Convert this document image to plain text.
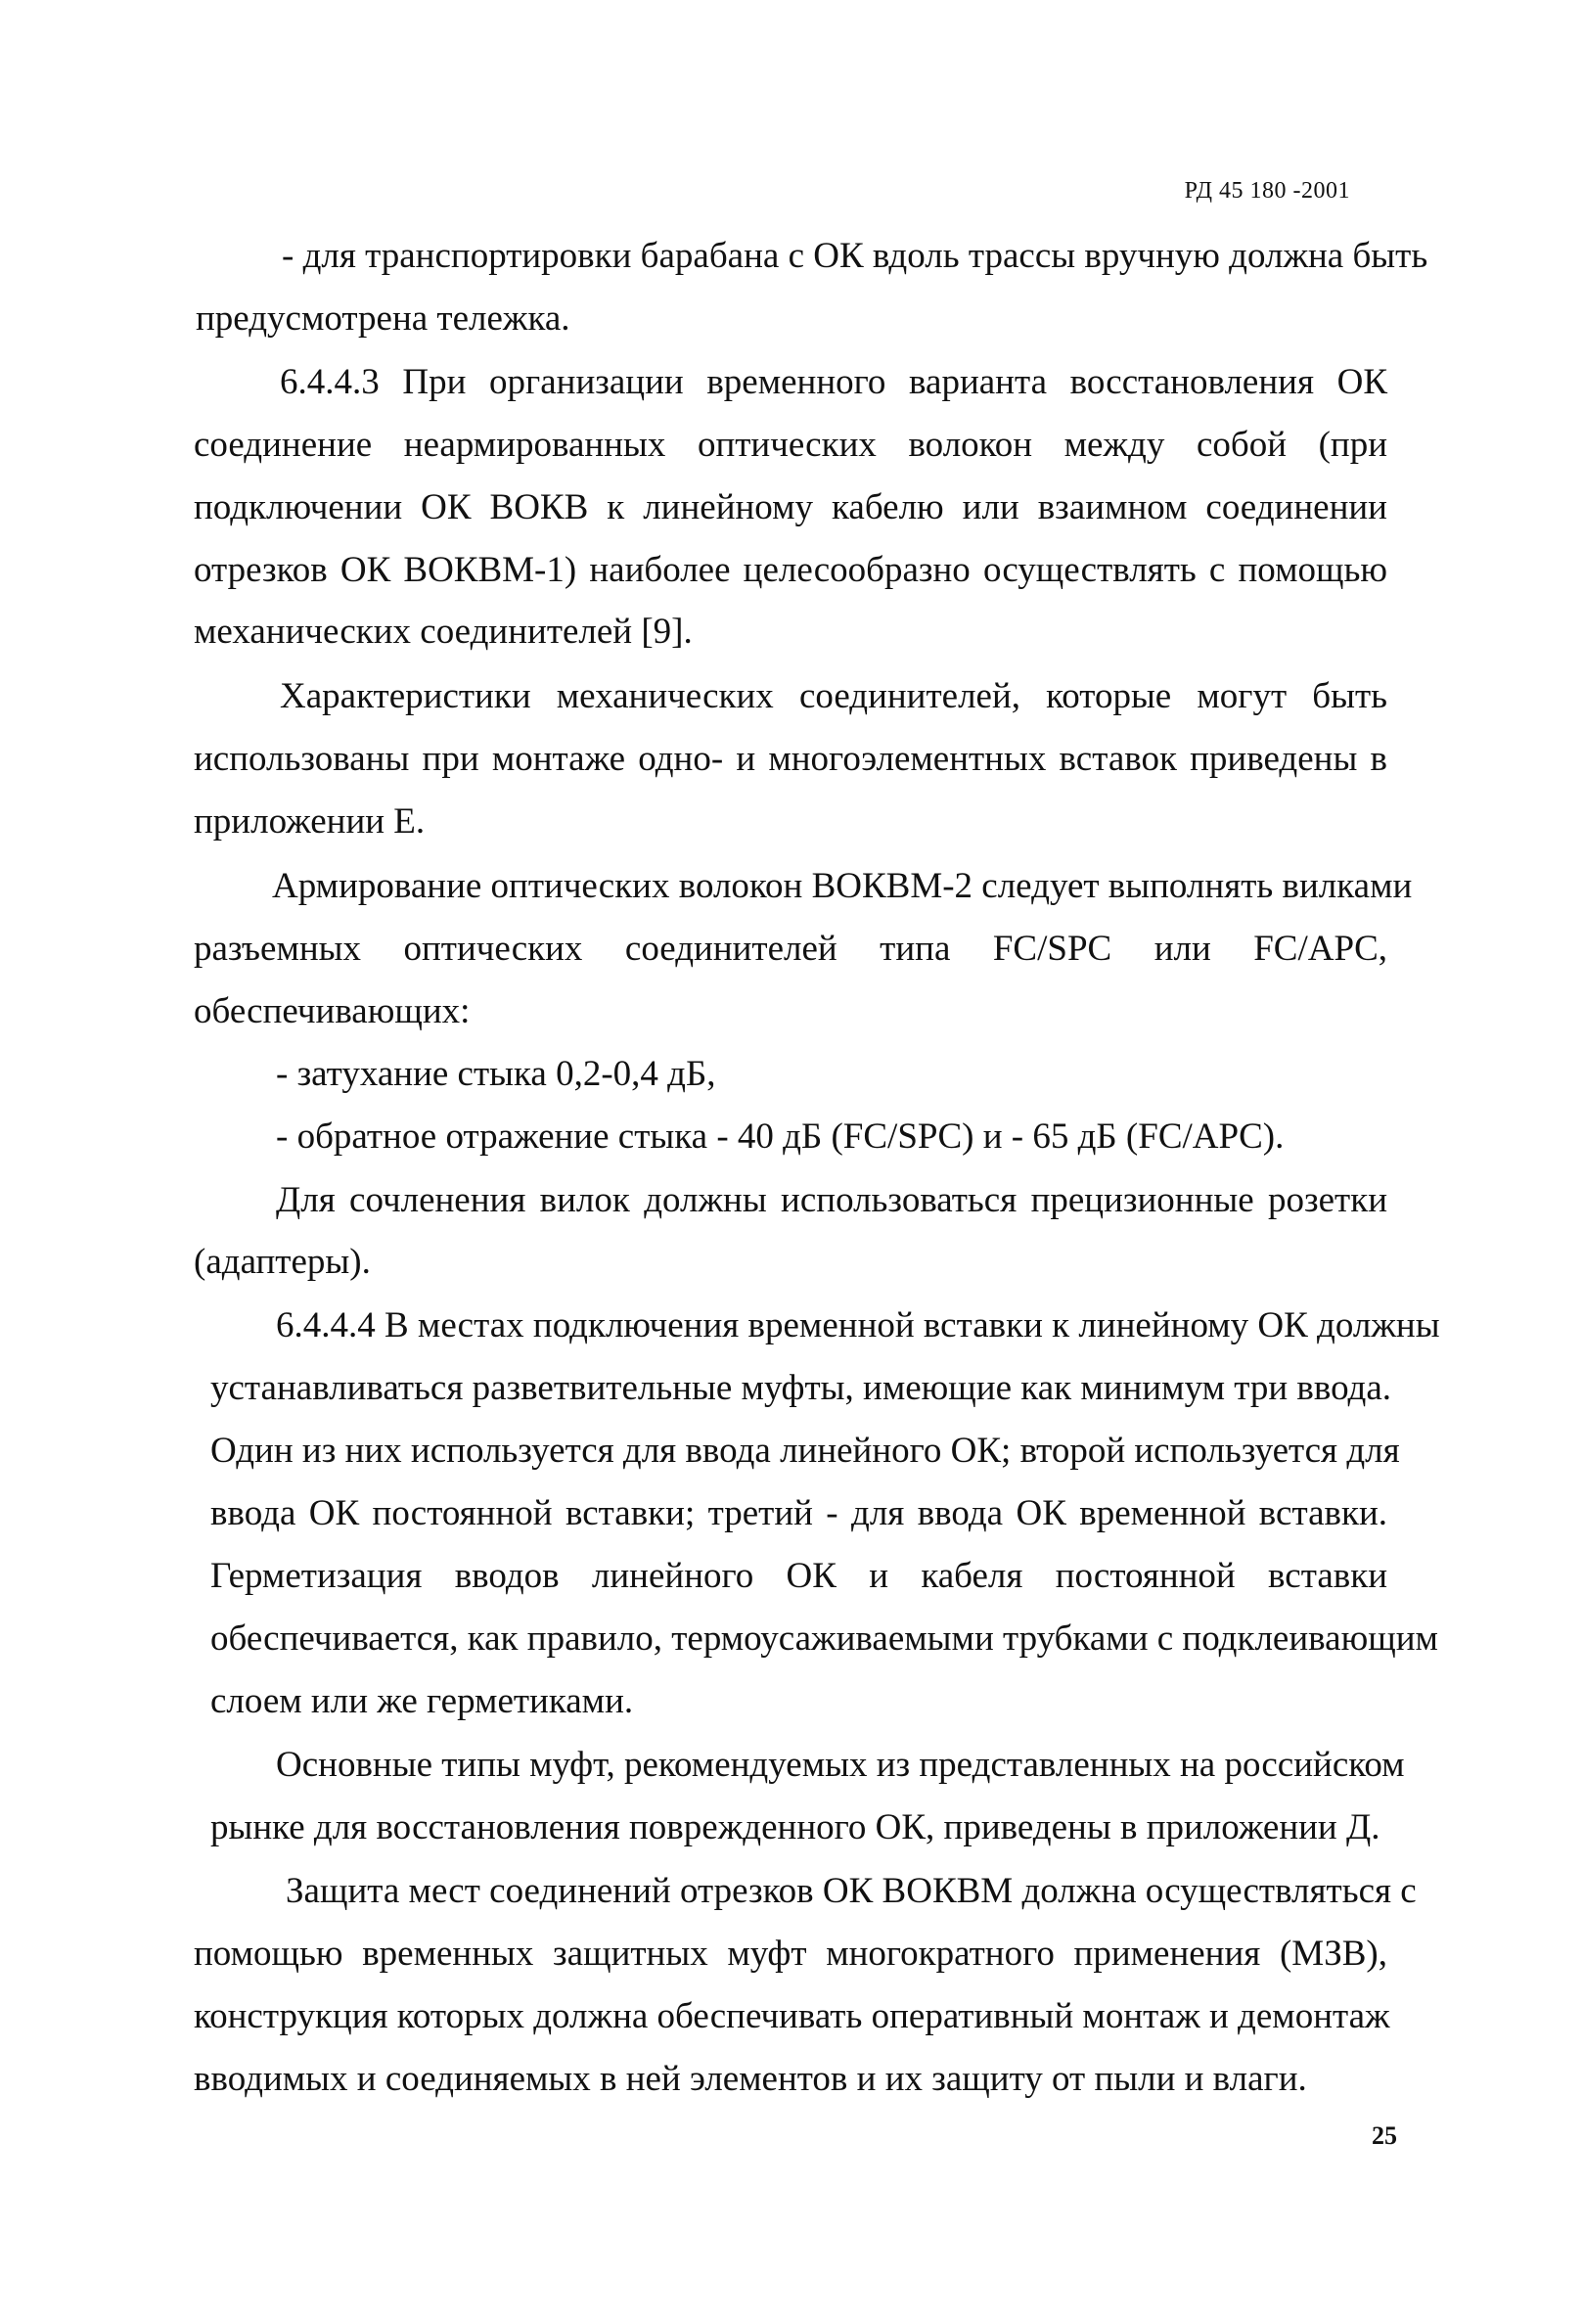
РД 45 180 -2001
- для транспортировки барабана с ОК вдоль трассы вручную должна быть
предусмотрена тележка.
6.4.4.3 При организации временного варианта восстановления ОК
соединение неармированных оптических волокон между собой (при
подключении ОК ВОКВ к линейному кабелю или взаимном соединении
отрезков ОК ВОКВМ-1) наиболее целесообразно осуществлять с помощью
механических соединителей [9].
Характеристики механических соединителей, которые могут быть
использованы при монтаже одно- и многоэлементных вставок приведены в
приложении Е.
Армирование оптических волокон ВОКВМ-2 следует выполнять вилками
разъемных оптических соединителей типа FC/SPC или FC/APC,
обеспечивающих:
- затухание стыка 0,2-0,4 дБ,
- обратное отражение стыка - 40 дБ (FC/SPC) и - 65 дБ (FC/APC).
Для сочленения вилок должны использоваться прецизионные розетки
(адаптеры).
6.4.4.4 В местах подключения временной вставки к линейному ОК должны
устанавливаться разветвительные муфты, имеющие как минимум три ввода.
Один из них используется для ввода линейного ОК; второй используется для
ввода ОК постоянной вставки; третий - для ввода ОК временной вставки.
Герметизация вводов линейного ОК и кабеля постоянной вставки
обеспечивается, как правило, термоусаживаемыми трубками с подклеивающим
слоем или же герметиками.
Основные типы муфт, рекомендуемых из представленных на российском
рынке для восстановления поврежденного ОК, приведены в приложении Д.
Защита мест соединений отрезков ОК ВОКВМ должна осуществляться с
помощью временных защитных муфт многократного применения (МЗВ),
конструкция которых должна обеспечивать оперативный монтаж и демонтаж
вводимых и соединяемых в ней элементов и их защиту от пыли и влаги.
25
